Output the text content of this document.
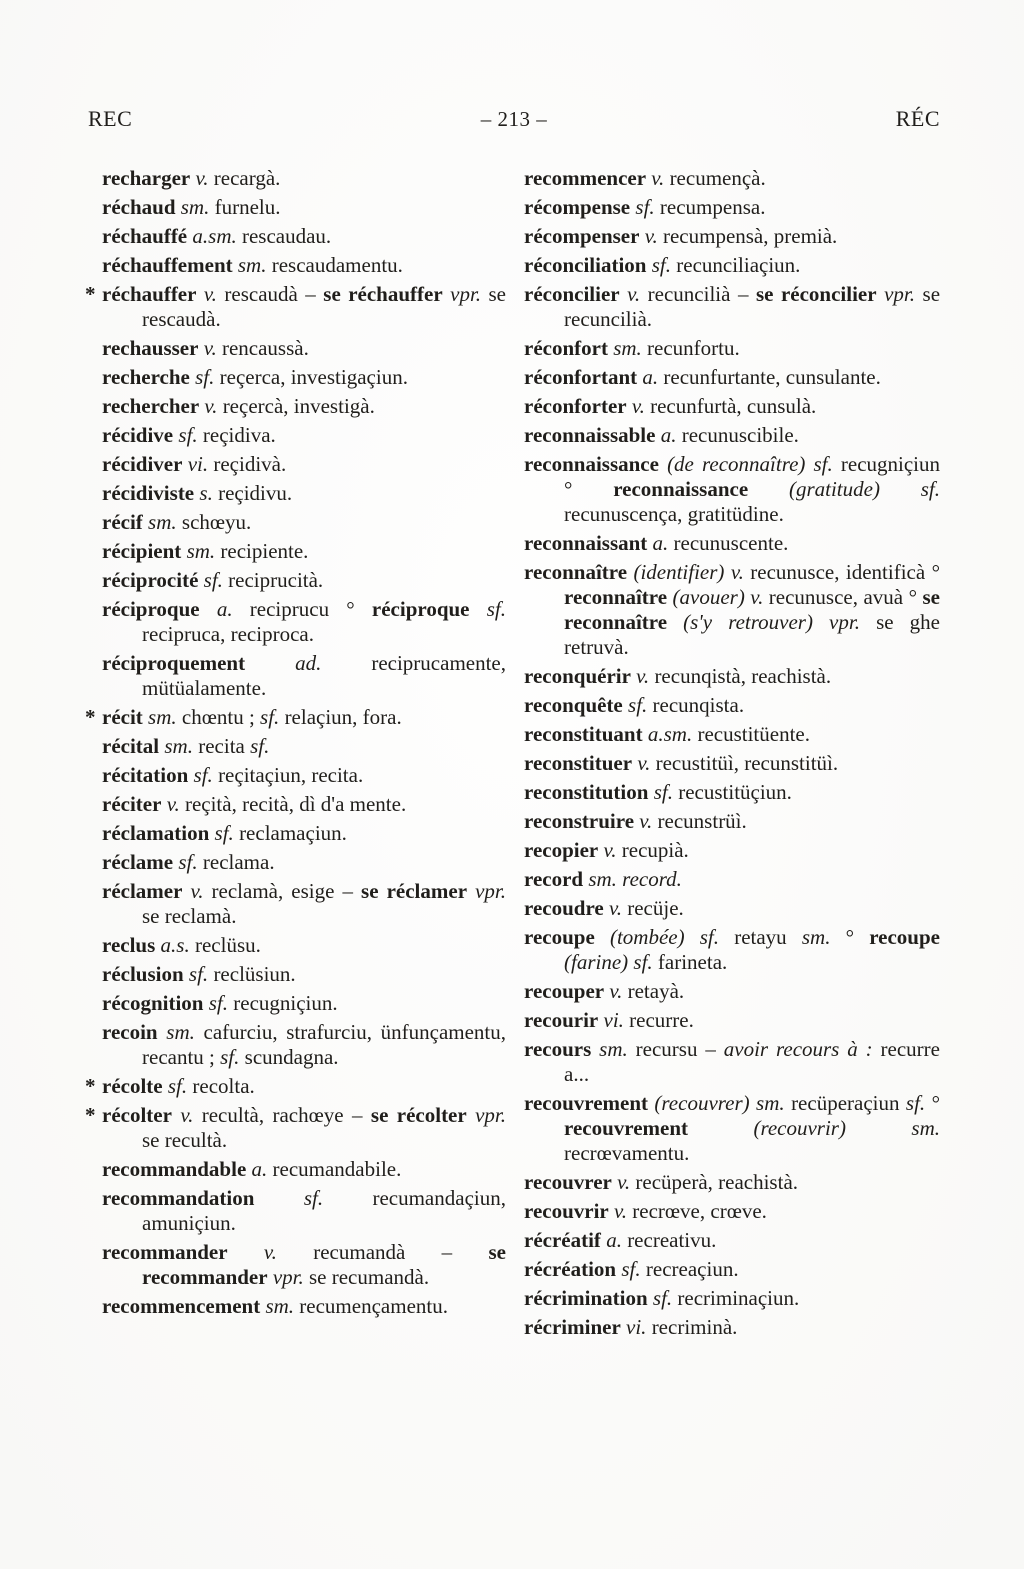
REC	– 213 –	RÉC

recharger v. recargà.

réchaud sm. furnelu.

réchauffé a.sm. rescaudau.

réchauffement sm. rescaudamentu.

* réchauffer v. rescaudà – se réchauffer vpr. se rescaudà.

rechausser v. rencaussà.

recherche sf. reçerca, investigaçiun.

rechercher v. reçercà, investigà.

récidive sf. reçidiva.

récidiver vi. reçidivà.

récidiviste s. reçidivu.

récif sm. schœyu.

récipient sm. recipiente.

réciprocité sf. reciprucità.

réciproque a. reciprucu ° réciproque sf. recipruca, reciproca.

réciproquement ad. reciprucamente, mütüalamente.

* récit sm. chœntu ; sf. relaçiun, fora.

récital sm. recita sf.

récitation sf. reçitaçiun, recita.

réciter v. reçità, recità, dì d'a mente.

réclamation sf. reclamaçiun.

réclame sf. reclama.

réclamer v. reclamà, esige – se réclamer vpr. se reclamà.

reclus a.s. reclüsu.

réclusion sf. reclüsiun.

récognition sf. recugniçiun.

recoin sm. cafurciu, strafurciu, ünfunçamentu, recantu ; sf. scundagna.

* récolte sf. recolta.

* récolter v. recultà, rachœye – se récolter vpr. se recultà.

recommandable a. recumandabile.

recommandation sf. recumandaçiun, amuniçiun.

recommander v. recumandà – se recommander vpr. se recumandà.

recommencement sm. recumençamentu.

recommencer v. recumençà.

récompense sf. recumpensa.

récompenser v. recumpensà, premià.

réconciliation sf. recunciliaçiun.

réconcilier v. recuncilià – se réconcilier vpr. se recuncilià.

réconfort sm. recunfortu.

réconfortant a. recunfurtante, cunsulante.

réconforter v. recunfurtà, cunsulà.

reconnaissable a. recunuscibile.

reconnaissance (de reconnaître) sf. recugniçiun ° reconnaissance (gratitude) sf. recunuscença, gratitüdine.

reconnaissant a. recunuscente.

reconnaître (identifier) v. recunusce, identificà ° reconnaître (avouer) v. recunusce, avuà ° se reconnaître (s'y retrouver) vpr. se ghe retruvà.

reconquérir v. recunqistà, reachistà.

reconquête sf. recunqista.

reconstituant a.sm. recustitüente.

reconstituer v. recustitüì, recunstitüì.

reconstitution sf. recustitüçiun.

reconstruire v. recunstrüì.

recopier v. recupià.

record sm. record.

recoudre v. recüje.

recoupe (tombée) sf. retayu sm. ° recoupe (farine) sf. farineta.

recouper v. retayà.

recourir vi. recurre.

recours sm. recursu – avoir recours à : recurre a...

recouvrement (recouvrer) sm. recüperaçiun sf. ° recouvrement (recouvrir) sm. recrœvamentu.

recouvrer v. recüperà, reachistà.

recouvrir v. recrœve, crœve.

récréatif a. recreativu.

récréation sf. recreaçiun.

récrimination sf. recriminaçiun.

récriminer vi. recriminà.
